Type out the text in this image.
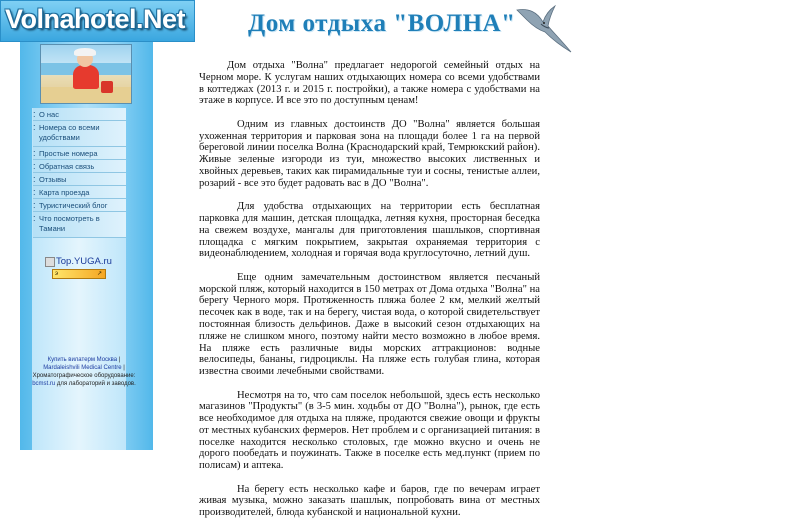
Volnahotel.Net
: О нас
: Номера со всеми удобствами
: Простые номера
: Обратная связь
: Отзывы
: Карта проезда
: Туристический блог
: Что посмотреть в Тамани
Top.YUGA.ru
э	↗
Купить вилатерм Москва |
Mardaleishvili Medical Centre |
Хроматографическое оборудование:
bcmst.ru для лабораторий и заводов.
Дом отдыха "ВОЛНА"

Дом отдыха "Волна" предлагает недорогой семейный отдых на Черном море. К услугам наших отдыхающих номера со всеми удобствами в коттеджах (2013 г. и 2015 г. постройки), а также номера с удобствами на этаже в корпусе. И все это по доступным ценам!

Одним из главных достоинств ДО "Волна" является большая ухоженная территория и парковая зона на площади более 1 га на первой береговой линии поселка Волна (Краснодарский край, Темрюкский район). Живые зеленые изгороди из туи, множество высоких лиственных и хвойных деревьев, таких как пирамидальные туи и сосны, тенистые аллеи, розарий - все это будет радовать вас в ДО "Волна".

Для удобства отдыхающих на территории есть бесплатная парковка для машин, детская площадка, летняя кухня, просторная беседка на свежем воздухе, мангалы для приготовления шашлыков, спортивная площадка с мягким покрытием, закрытая охраняемая территория с видеонаблюдением, холодная и горячая вода круглосуточно, летний душ.

Еще одним замечательным достоинством является песчаный морской пляж, который находится в 150 метрах от Дома отдыха "Волна" на берегу Черного моря. Протяженность пляжа более 2 км, мелкий желтый песочек как в воде, так и на берегу, чистая вода, о которой свидетельствует постоянная близость дельфинов. Даже в высокий сезон отдыхающих на пляже не слишком много, поэтому найти место возможно в любое время. На пляже есть различные виды морских аттракционов: водные велосипеды, бананы, гидроциклы. На пляже есть голубая глина, которая известна своими лечебными свойствами.

Несмотря на то, что сам поселок небольшой, здесь есть несколько магазинов "Продукты" (в 3-5 мин. ходьбы от ДО "Волна"), рынок, где есть все необходимое для отдыха на пляже, продаются свежие овощи и фрукты от местных кубанских фермеров. Нет проблем и с организацией питания: в поселке находится несколько столовых, где можно вкусно и очень не дорого пообедать и поужинать. Также в поселке есть мед.пункт (прием по полисам) и аптека.

На берегу есть несколько кафе и баров, где по вечерам играет живая музыка, можно заказать шашлык, попробовать вина от местных производителей, блюда кубанской и национальной кухни.
